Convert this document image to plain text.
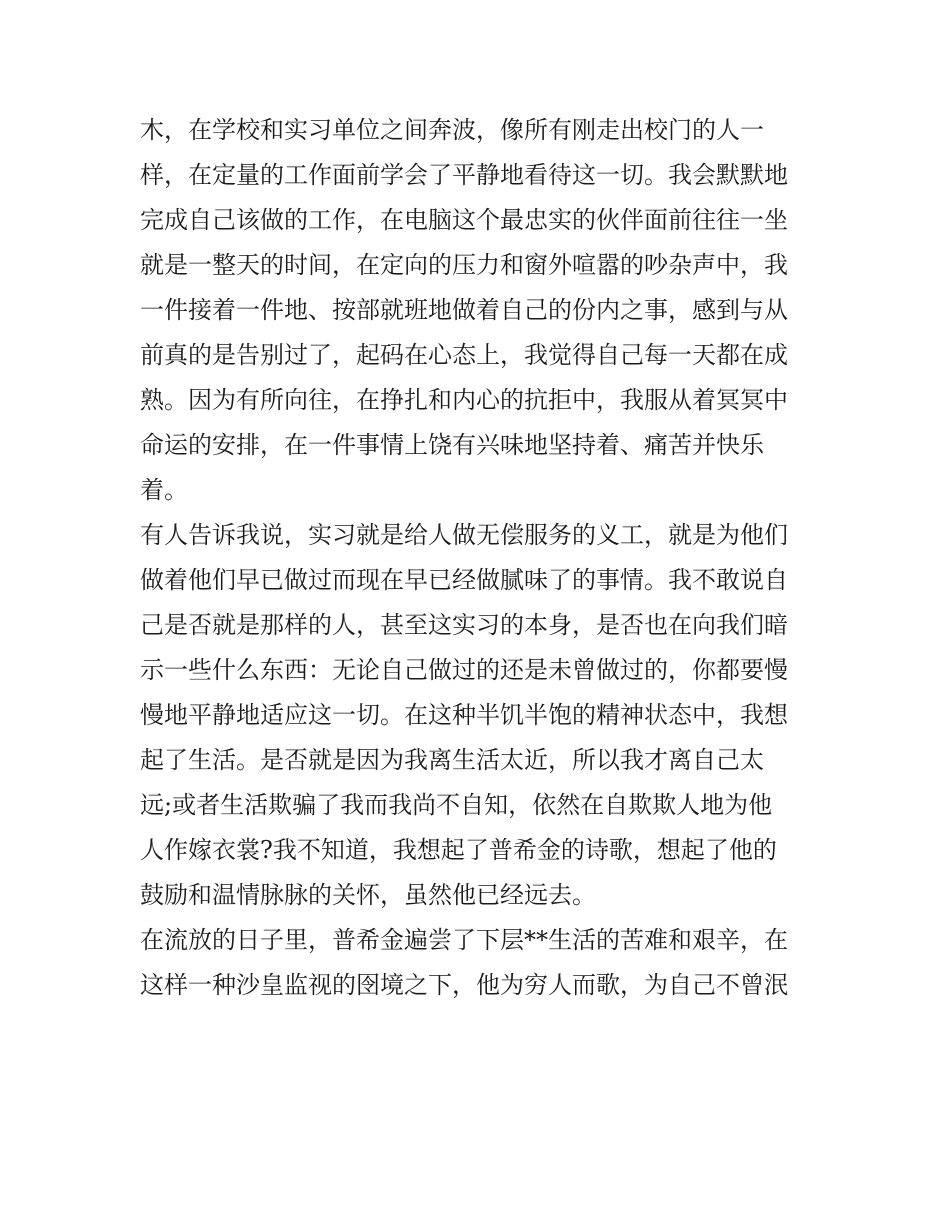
木，在学校和实习单位之间奔波，像所有刚走出校门的人一
样，在定量的工作面前学会了平静地看待这一切。我会默默地
完成自己该做的工作，在电脑这个最忠实的伙伴面前往往一坐
就是一整天的时间，在定向的压力和窗外喧嚣的吵杂声中，我
一件接着一件地、按部就班地做着自己的份内之事，感到与从
前真的是告别过了，起码在心态上，我觉得自己每一天都在成
熟。因为有所向往，在挣扎和内心的抗拒中，我服从着冥冥中
命运的安排，在一件事情上饶有兴味地坚持着、痛苦并快乐
着。
有人告诉我说，实习就是给人做无偿服务的义工，就是为他们
做着他们早已做过而现在早已经做腻味了的事情。我不敢说自
己是否就是那样的人，甚至这实习的本身，是否也在向我们暗
示一些什么东西：无论自己做过的还是未曾做过的，你都要慢
慢地平静地适应这一切。在这种半饥半饱的精神状态中，我想
起了生活。是否就是因为我离生活太近，所以我才离自己太
远;或者生活欺骗了我而我尚不自知，依然在自欺欺人地为他
人作嫁衣裳?我不知道，我想起了普希金的诗歌，想起了他的
鼓励和温情脉脉的关怀，虽然他已经远去。
在流放的日子里，普希金遍尝了下层**生活的苦难和艰辛，在
这样一种沙皇监视的囹境之下，他为穷人而歌，为自己不曾泯
